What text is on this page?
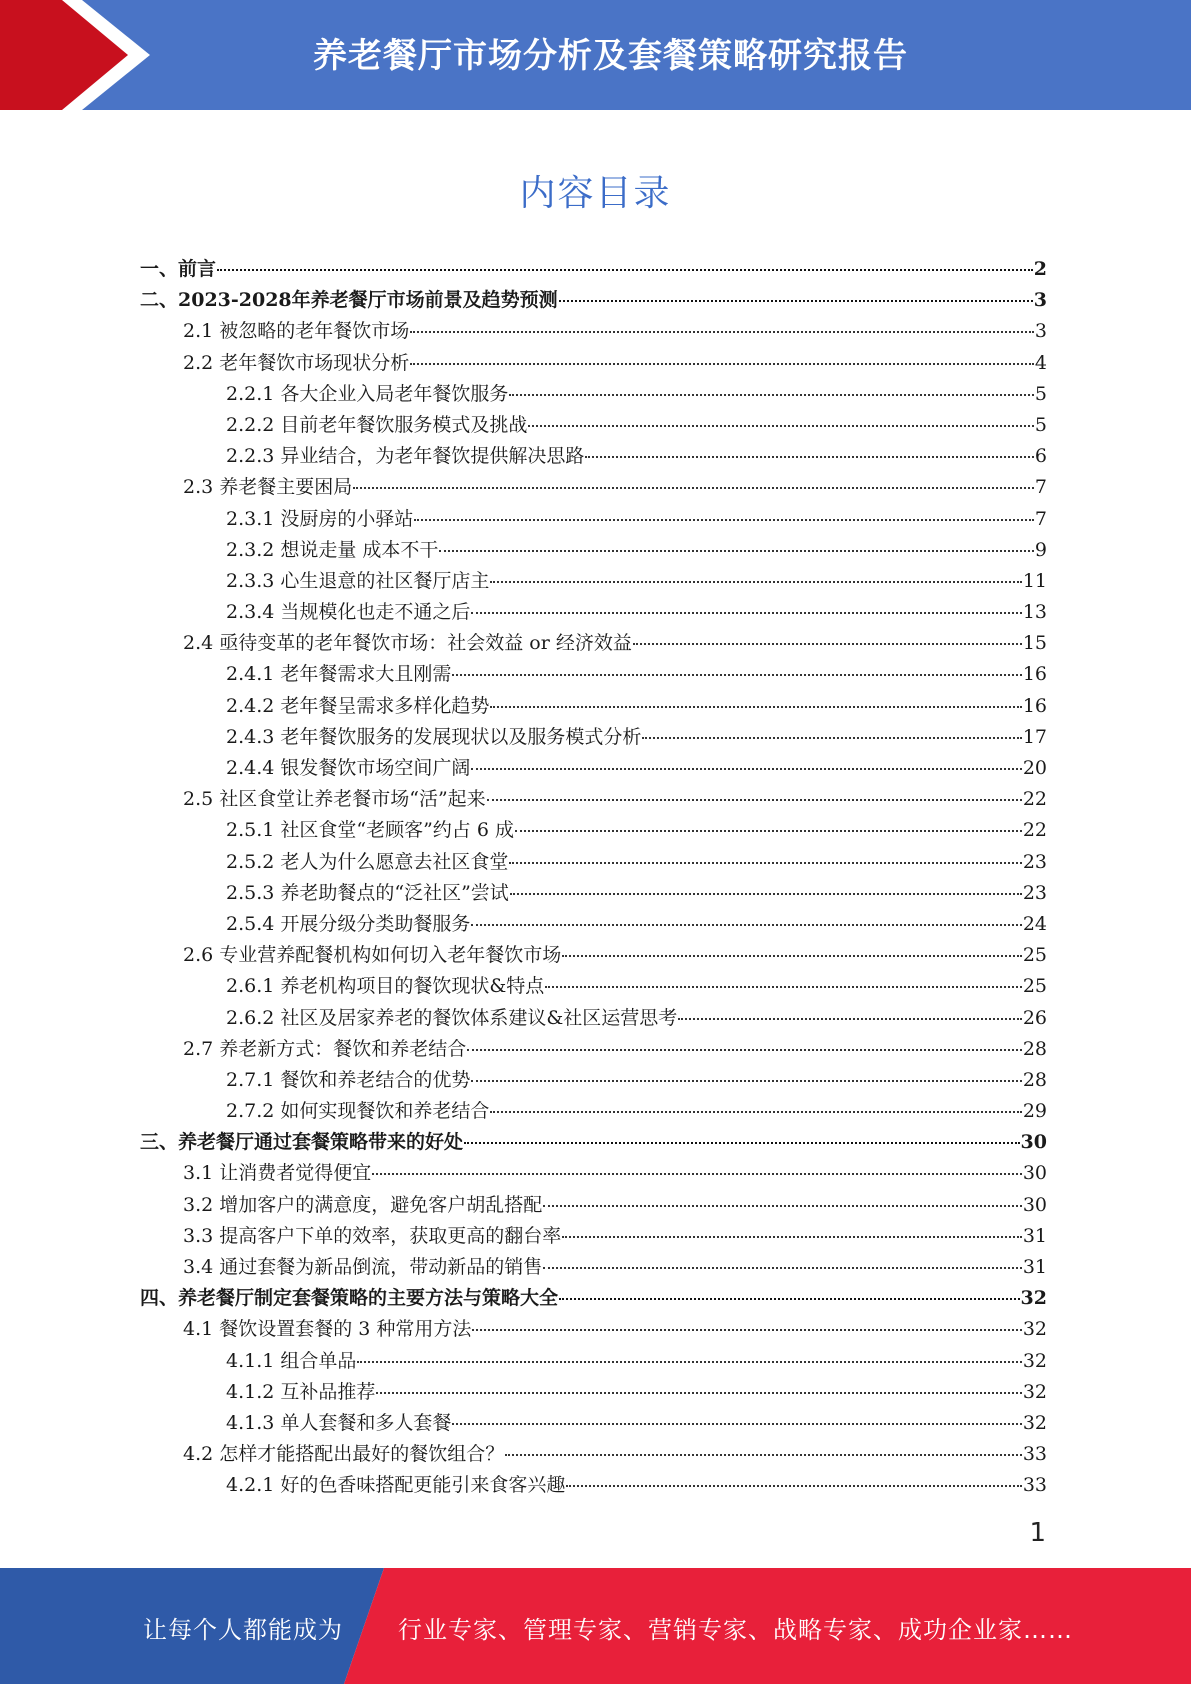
养老餐厅市场分析及套餐策略研究报告
内容目录
一、前言	2
二、2023-2028年养老餐厅市场前景及趋势预测	3
2.1 被忽略的老年餐饮市场	3
2.2 老年餐饮市场现状分析	4
2.2.1 各大企业入局老年餐饮服务	5
2.2.2 目前老年餐饮服务模式及挑战	5
2.2.3 异业结合，为老年餐饮提供解决思路	6
2.3 养老餐主要困局	7
2.3.1 没厨房的小驿站	7
2.3.2 想说走量 成本不干	9
2.3.3 心生退意的社区餐厅店主	11
2.3.4 当规模化也走不通之后	13
2.4 亟待变革的老年餐饮市场：社会效益 or 经济效益	15
2.4.1 老年餐需求大且刚需	16
2.4.2 老年餐呈需求多样化趋势	16
2.4.3 老年餐饮服务的发展现状以及服务模式分析	17
2.4.4 银发餐饮市场空间广阔	20
2.5 社区食堂让养老餐市场“活”起来	22
2.5.1 社区食堂“老顾客”约占 6 成	22
2.5.2 老人为什么愿意去社区食堂	23
2.5.3 养老助餐点的“泛社区”尝试	23
2.5.4 开展分级分类助餐服务	24
2.6 专业营养配餐机构如何切入老年餐饮市场	25
2.6.1 养老机构项目的餐饮现状&特点	25
2.6.2 社区及居家养老的餐饮体系建议&社区运营思考	26
2.7 养老新方式：餐饮和养老结合	28
2.7.1 餐饮和养老结合的优势	28
2.7.2 如何实现餐饮和养老结合	29
三、养老餐厅通过套餐策略带来的好处	30
3.1 让消费者觉得便宜	30
3.2 增加客户的满意度，避免客户胡乱搭配	30
3.3 提高客户下单的效率，获取更高的翻台率	31
3.4 通过套餐为新品倒流，带动新品的销售	31
四、养老餐厅制定套餐策略的主要方法与策略大全	32
4.1 餐饮设置套餐的 3 种常用方法	32
4.1.1 组合单品	32
4.1.2 互补品推荐	32
4.1.3 单人套餐和多人套餐	32
4.2 怎样才能搭配出最好的餐饮组合？	33
4.2.1 好的色香味搭配更能引来食客兴趣	33
1
让每个人都能成为 行业专家、管理专家、营销专家、战略专家、成功企业家……
